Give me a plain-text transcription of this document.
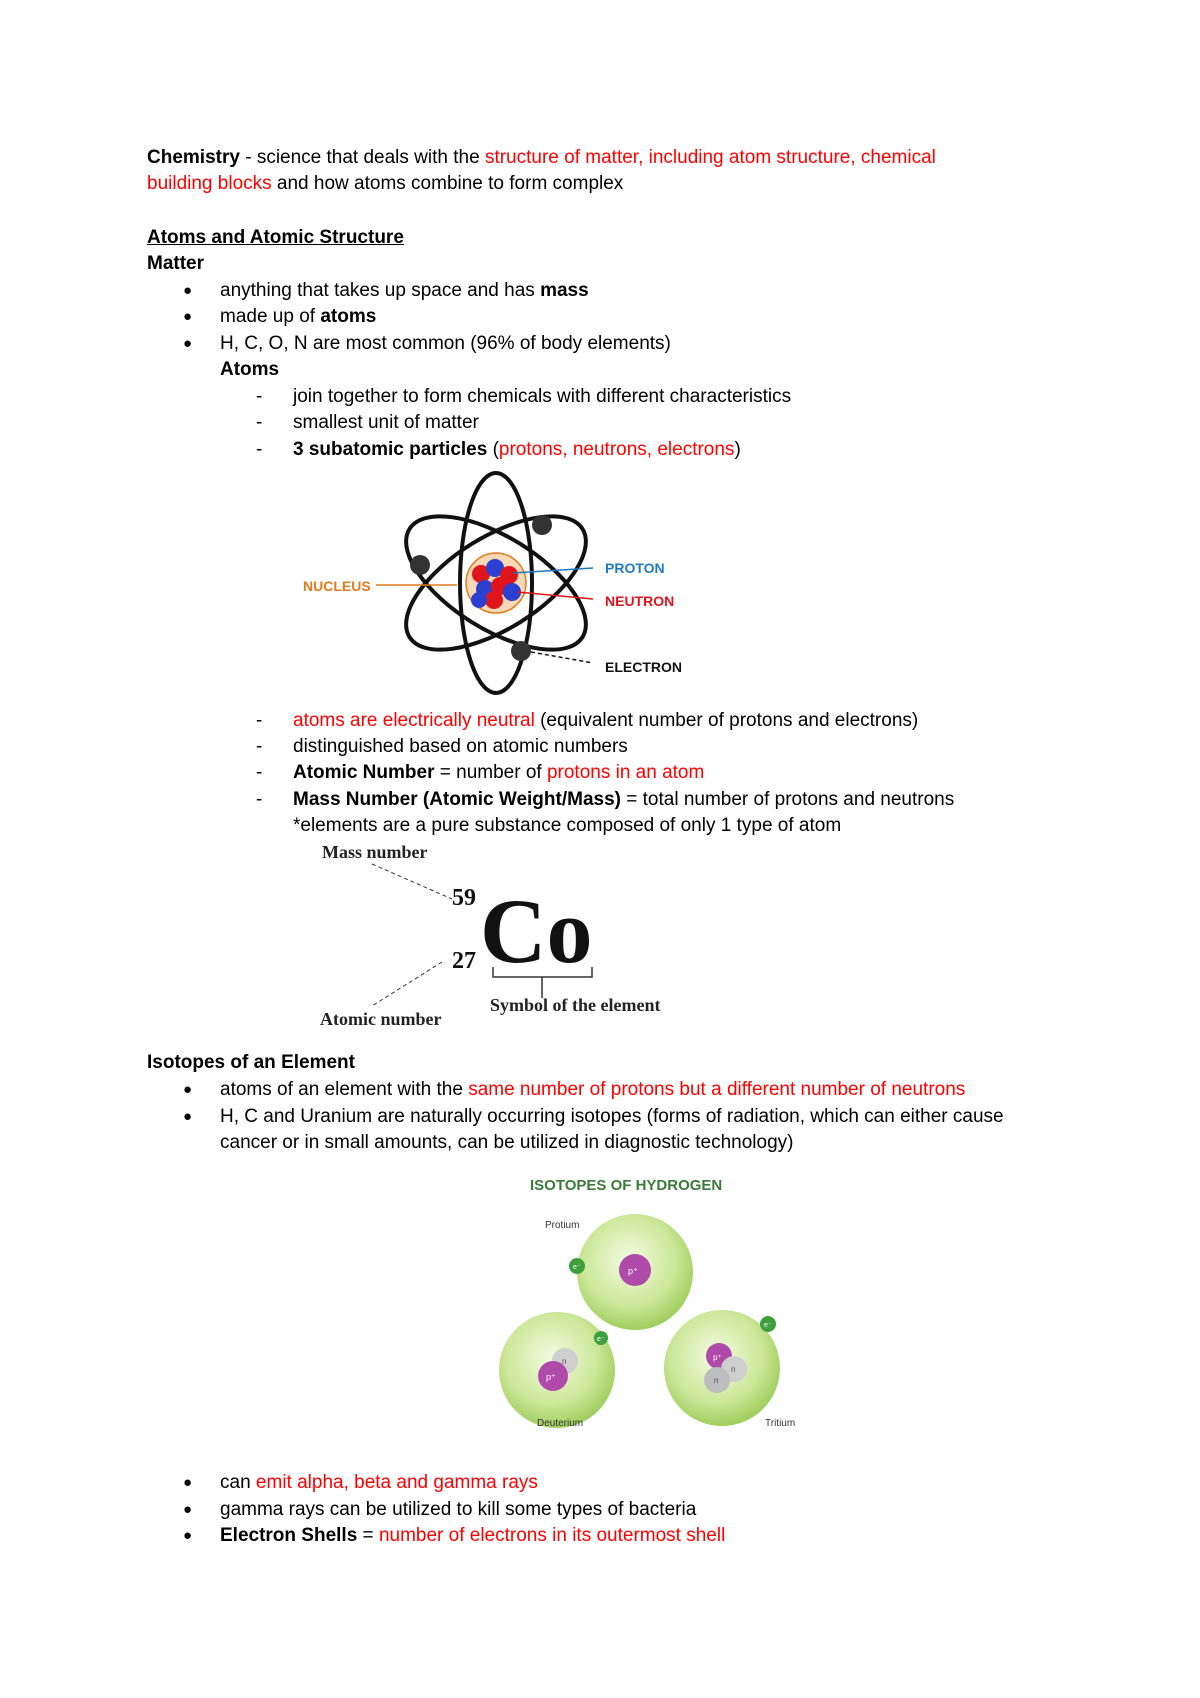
Chemistry - science that deals with the structure of matter, including atom structure, chemical
building blocks and how atoms combine to form complex
Atoms and Atomic Structure
Matter
● anything that takes up space and has mass
● made up of atoms
● H, C, O, N are most common (96% of body elements)
Atoms
- join together to form chemicals with different characteristics
- smallest unit of matter
- 3 subatomic particles (protons, neutrons, electrons)
NUCLEUS
PROTON
NEUTRON
ELECTRON
- atoms are electrically neutral (equivalent number of protons and electrons)
- distinguished based on atomic numbers
- Atomic Number = number of protons in an atom
- Mass Number (Atomic Weight/Mass) = total number of protons and neutrons
*elements are a pure substance composed of only 1 type of atom
Mass number
59
27 Co
Atomic number
Symbol of the element
Isotopes of an Element
● atoms of an element with the same number of protons but a different number of neutrons
● H, C and Uranium are naturally occurring isotopes (forms of radiation, which can either cause
cancer or in small amounts, can be utilized in diagnostic technology)
ISOTOPES OF HYDROGEN
p⁺
e⁻
Protium
n
p⁺
e⁻
Deuterium
p⁺
n
n
e⁻
Tritium
● can emit alpha, beta and gamma rays
● gamma rays can be utilized to kill some types of bacteria
● Electron Shells = number of electrons in its outermost shell
